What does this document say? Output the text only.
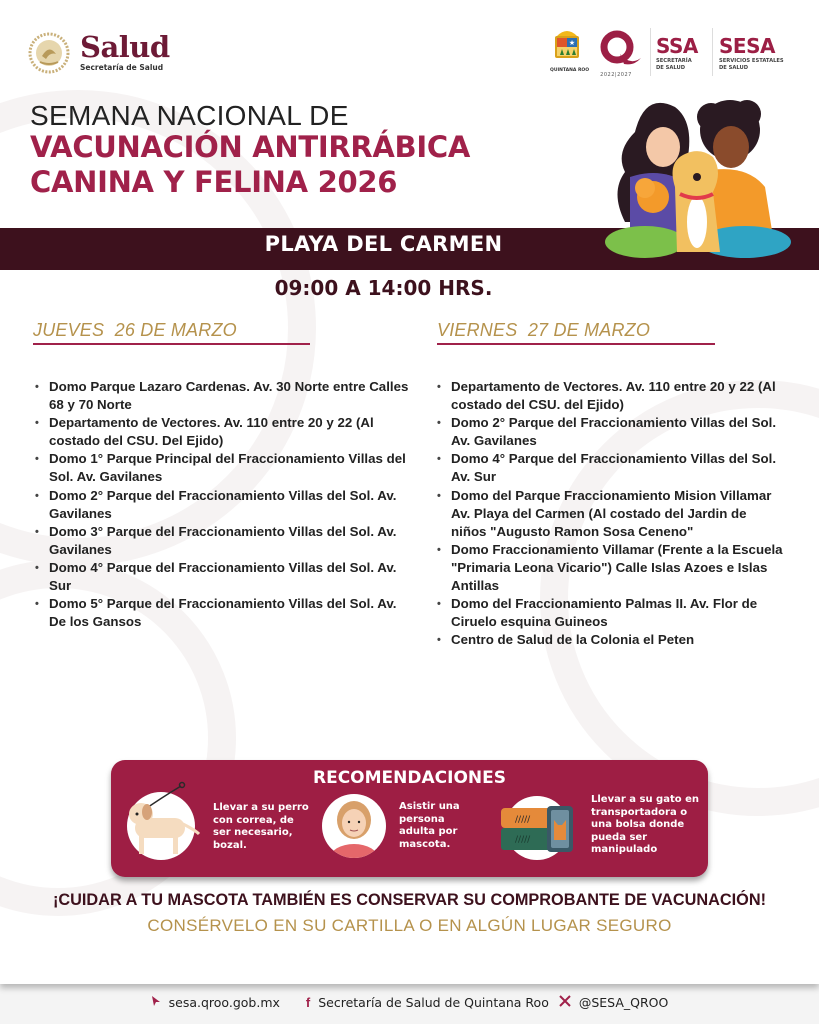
Salud
Secretaría de Salud
★
QUINTANA ROO
2022|2027
SSA
SECRETARÍA
DE SALUD
SESA
SERVICIOS ESTATALES
DE SALUD
SEMANA NACIONAL DE
VACUNACIÓN ANTIRRÁBICA
CANINA Y FELINA 2026
PLAYA DEL CARMEN
09:00 A 14:00 HRS.
JUEVES  26 DE MARZO
• Domo Parque Lazaro Cardenas. Av. 30 Norte entre Calles 68 y 70 Norte
• Departamento de Vectores. Av. 110 entre 20 y 22 (Al costado del CSU. Del Ejido)
• Domo 1° Parque Principal del Fraccionamiento Villas del Sol. Av. Gavilanes
• Domo 2° Parque del Fraccionamiento Villas del Sol. Av. Gavilanes
• Domo 3° Parque del Fraccionamiento Villas del Sol. Av. Gavilanes
• Domo 4° Parque del Fraccionamiento Villas del Sol. Av. Sur
• Domo 5° Parque del Fraccionamiento Villas del Sol. Av. De los Gansos
VIERNES  27 DE MARZO
• Departamento de Vectores. Av. 110 entre 20 y 22 (Al costado del CSU. del Ejido)
• Domo 2° Parque del Fraccionamiento Villas del Sol. Av. Gavilanes
• Domo 4° Parque del Fraccionamiento Villas del Sol. Av. Sur
• Domo del Parque Fraccionamiento Mision Villamar Av. Playa del Carmen (Al costado del Jardin de niños "Augusto Ramon Sosa Ceneno"
• Domo Fraccionamiento Villamar (Frente a la Escuela "Primaria Leona Vicario") Calle Islas Azoes e Islas Antillas
• Domo del Fraccionamiento Palmas II. Av. Flor de Ciruelo esquina Guineos
• Centro de Salud de la Colonia el Peten
RECOMENDACIONES
Llevar a su perro con correa, de ser necesario, bozal.
Asistir una persona adulta por mascota.
/////
/////
Llevar a su gato en transportadora o una bolsa donde pueda ser manipulado
¡CUIDAR A TU MASCOTA TAMBIÉN ES CONSERVAR SU COMPROBANTE DE VACUNACIÓN!
CONSÉRVELO EN SU CARTILLA O EN ALGÚN LUGAR SEGURO
sesa.qroo.gob.mx f Secretaría de Salud de Quintana Roo @SESA_QROO
